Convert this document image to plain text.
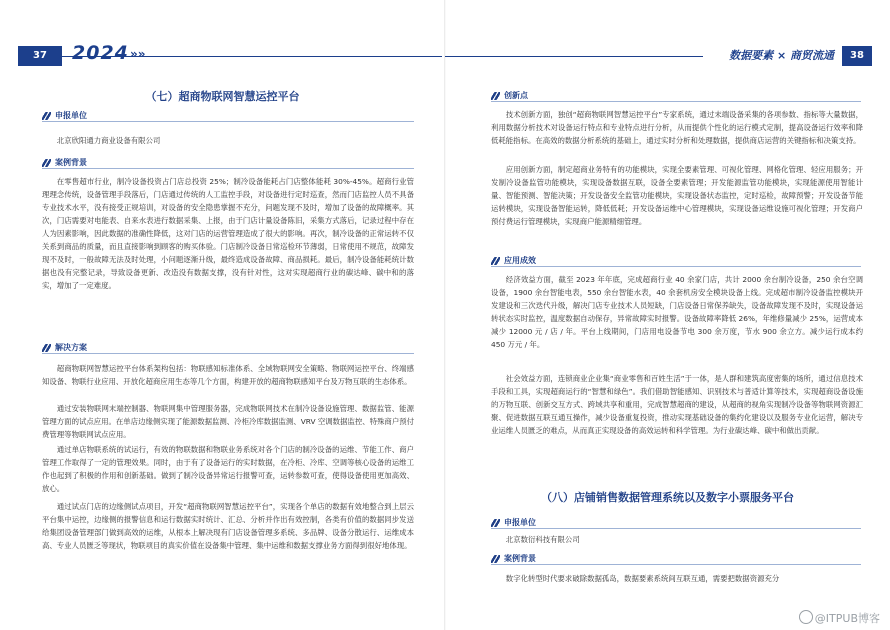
37	2024 »»
（七）超商物联网智慧运控平台
申报单位

北京欣阳通力商业设备有限公司

案例背景

在零售超市行业，制冷设备投资占门店总投资 25%；制冷设备能耗占门店整体能耗 30%-45%。超商行业管理理念传统，设备管理手段落后，门店通过传统的人工监控手段，对设备进行定时巡查，然而门店监控人员不具备专业技术水平，没有接受正规培训，对设备的安全隐患掌握不充分，问题发现不及时，增加了设备的故障概率。其次，门店需要对电能表、自来水表进行数据采集、上报，由于门店计量设备陈旧，采集方式落后，记录过程中存在人为因素影响，因此数据的准确性降低，这对门店的运营管理造成了很大的影响。再次，制冷设备的正常运转不仅关系到商品的质量，而且直接影响到顾客的购买体验。门店制冷设备日常巡检环节薄弱，日常使用不规范，故障发现不及时，一般故障无法及时处理，小问题逐渐升级，最终造成设备故障、商品损耗。最后，制冷设备能耗统计数据也没有完整记录，导致设备更新、改造没有数据支撑，没有针对性，这对实现超商行业的碳达峰、碳中和的落实，增加了一定难度。

解决方案

超商物联网智慧运控平台体系架构包括：物联感知标准体系、全域物联网安全策略、物联网运控平台、终端感知设备、物联行业应用、开放化超商应用生态等几个方面，构建开放的超商物联感知平台及万物互联的生态体系。

通过安装物联网末端控制器、物联网集中管理服务器，完成物联网技术在制冷设备设施管理、数据监管、能源管理方面的试点应用。在单店边缘侧实现了能源数据监测、冷柜冷库数据监测、VRV 空调数据监控、特殊商户预付费管理等物联网试点应用。

通过单店物联系统的试运行，有效的物联数据和物联业务系统对各个门店的制冷设备的运维、节能工作、商户管理工作取得了一定的管理效果。同时，由于有了设备运行的实时数据，在冷柜、冷库、空调等核心设备的运维工作也起到了积极的作用和创新基础。做到了制冷设备异常运行报警可查，运转参数可查，使得设备使用更加高效、放心。

通过试点门店的边缘侧试点项目，开发“超商物联网智慧运控平台”，实现各个单店的数据有效地整合到上层云平台集中运控，边缘侧的报警信息和运行数据实时统计、汇总、分析并作出有效控制，各类有价值的数据同步发送给集团设备管理部门做到高效的运维，从根本上解决现有门店设备管理多系统、多品牌、设备分散运行、运维成本高、专业人员匮乏等现状，物联项目的真实价值在设备集中管理、集中运维和数据支撑业务方面得到很好地体现。

数据要素 × 商贸流通	38
创新点

技术创新方面，独创“超商物联网智慧运控平台”专家系统，通过末端设备采集的各项参数、指标等大量数据，利用数据分析技术对设备运行特点和专业特点进行分析，从而提供个性化的运行模式定制，提高设备运行效率和降低耗能指标。在高效的数据分析系统的基础上，通过实时分析和处理数据，提供商店运营的关键指标和决策支持。

应用创新方面，制定超商业务特有的功能模块，实现全要素管理、可视化管理、网格化管理、轻应用服务；开发制冷设备监管功能模块，实现设备数据互联，设备全要素管理；开发能源监管功能模块，实现能源使用智能计量、智能预测、智能决策；开发设备安全监管功能模块，实现设备状态监控，定时巡检，故障预警；开发设备节能运转模块，实现设备智能运转，降低低耗；开发设备运维中心管理模块，实现设备运维设施可视化管理；开发商户预付费运行管理模块，实现商户能源精细管理。

应用成效

经济效益方面，截至 2023 年年底，完成超商行业 40 余家门店，共计 2000 余台制冷设备，250 余台空调设备，1900 余台智能电表，550 余台智能水表，40 余套机房安全模块设备上线。完成超市制冷设备监控模块开发建设和三次迭代升级，解决门店专业技术人员短缺，门店设备日常保养缺失，设备故障发现不及时，实现设备运转状态实时监控，温度数据自动保存，异常故障实时报警。设备故障率降低 26%，年维修量减少 25%，运营成本减少 12000 元 / 店 / 年。平台上线期间，门店用电设备节电 300 余万度，节水 900 余立方。减少运行成本约 450 万元 / 年。

社会效益方面，连锁商业企业集“商业零售和百姓生活”于一体，是人群和建筑高度密集的场所，通过信息技术手段和工具，实现超商运行的“智慧和绿色”。我们借助智能感知、识别技术与普适计算等技术，实现超商设备设施的万物互联、创新交互方式、跨域共享和重用，完成智慧超商的建设，从超商的视角实现制冷设备等物联网资源汇聚、促进数据互联互通互操作，减少设备重复投资，推动实现基础设备的集约化建设以及服务专业化运营，解决专业运维人员匮乏的难点，从而真正实现设备的高效运转和科学管理。为行业碳达峰、碳中和做出贡献。

（八）店铺销售数据管理系统以及数字小票服务平台
申报单位

北京数衍科技有限公司

案例背景

数字化转型时代要求破除数据孤岛，数据要素系统间互联互通，需要把数据资源充分

@ITPUB博客
